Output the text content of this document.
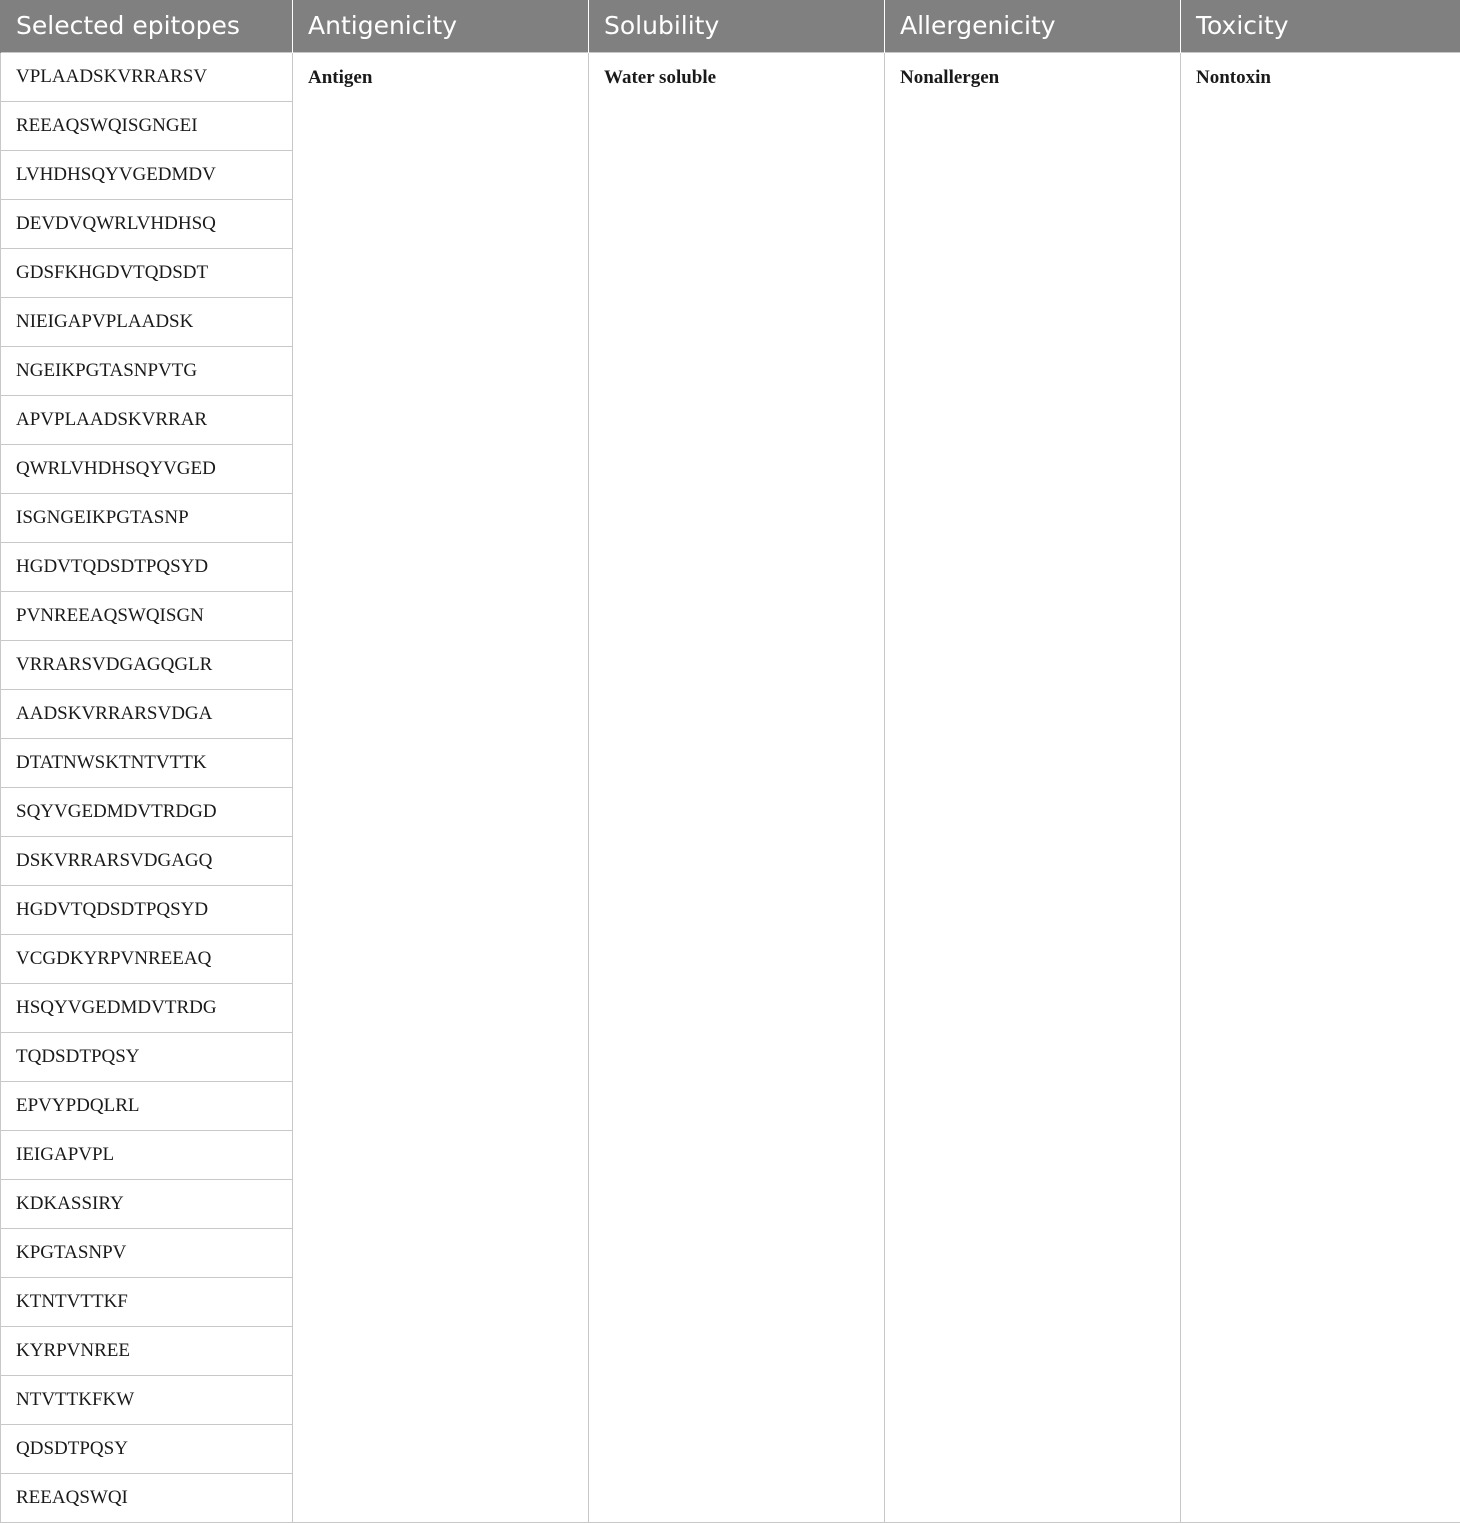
Selected epitopes	Antigenicity	Solubility	Allergenicity	Toxicity
VPLAADSKVRRARSV	Antigen	Water soluble	Nonallergen	Nontoxin
REEAQSWQISGNGEI				
LVHDHSQYVGEDMDV				
DEVDVQWRLVHDHSQ				
GDSFKHGDVTQDSDT				
NIEIGAPVPLAADSK				
NGEIKPGTASNPVTG				
APVPLAADSKVRRAR				
QWRLVHDHSQYVGED				
ISGNGEIKPGTASNP				
HGDVTQDSDTPQSYD				
PVNREEAQSWQISGN				
VRRARSVDGAGQGLR				
AADSKVRRARSVDGA				
DTATNWSKTNTVTTK				
SQYVGEDMDVTRDGD				
DSKVRRARSVDGAGQ				
HGDVTQDSDTPQSYD				
VCGDKYRPVNREEAQ				
HSQYVGEDMDVTRDG				
TQDSDTPQSY				
EPVYPDQLRL				
IEIGAPVPL				
KDKASSIRY				
KPGTASNPV				
KTNTVTTKF				
KYRPVNREE				
NTVTTKFKW				
QDSDTPQSY				
REEAQSWQI				
